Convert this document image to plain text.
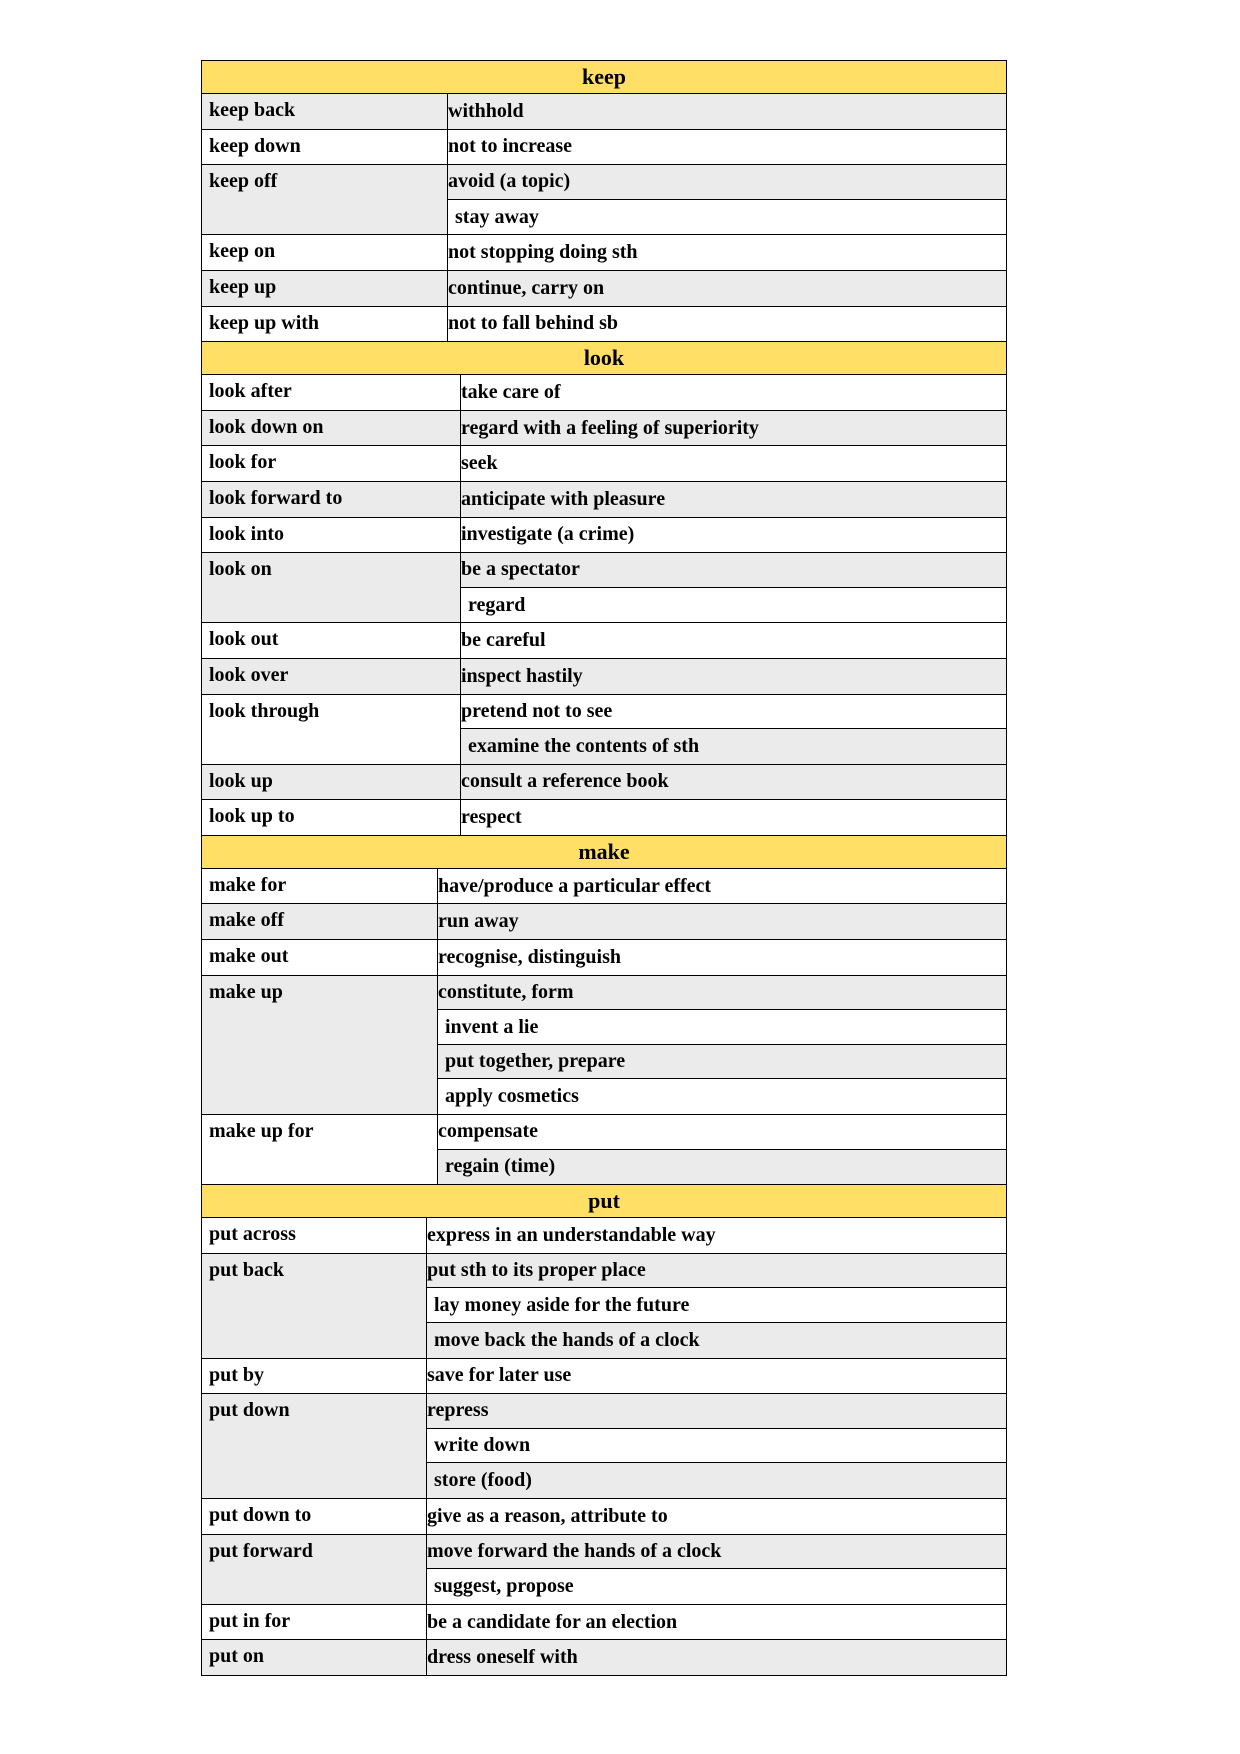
keep
keep back	withhold
keep down	not to increase
keep off	avoid (a topic)
stay away
keep on	not stopping doing sth
keep up	continue, carry on
keep up with	not to fall behind sb
look
look after	take care of
look down on	regard with a feeling of superiority
look for	seek
look forward to	anticipate with pleasure
look into	investigate (a crime)
look on	be a spectator
regard
look out	be careful
look over	inspect hastily
look through	pretend not to see
examine the contents of sth
look up	consult a reference book
look up to	respect
make
make for	have/produce a particular effect
make off	run away
make out	recognise, distinguish
make up	constitute, form
invent a lie
put together, prepare
apply cosmetics
make up for	compensate
regain (time)
put
put across	express in an understandable way
put back	put sth to its proper place
lay money aside for the future
move back the hands of a clock
put by	save for later use
put down	repress
write down
store (food)
put down to	give as a reason, attribute to
put forward	move forward the hands of a clock
suggest, propose
put in for	be a candidate for an election
put on	dress oneself with
